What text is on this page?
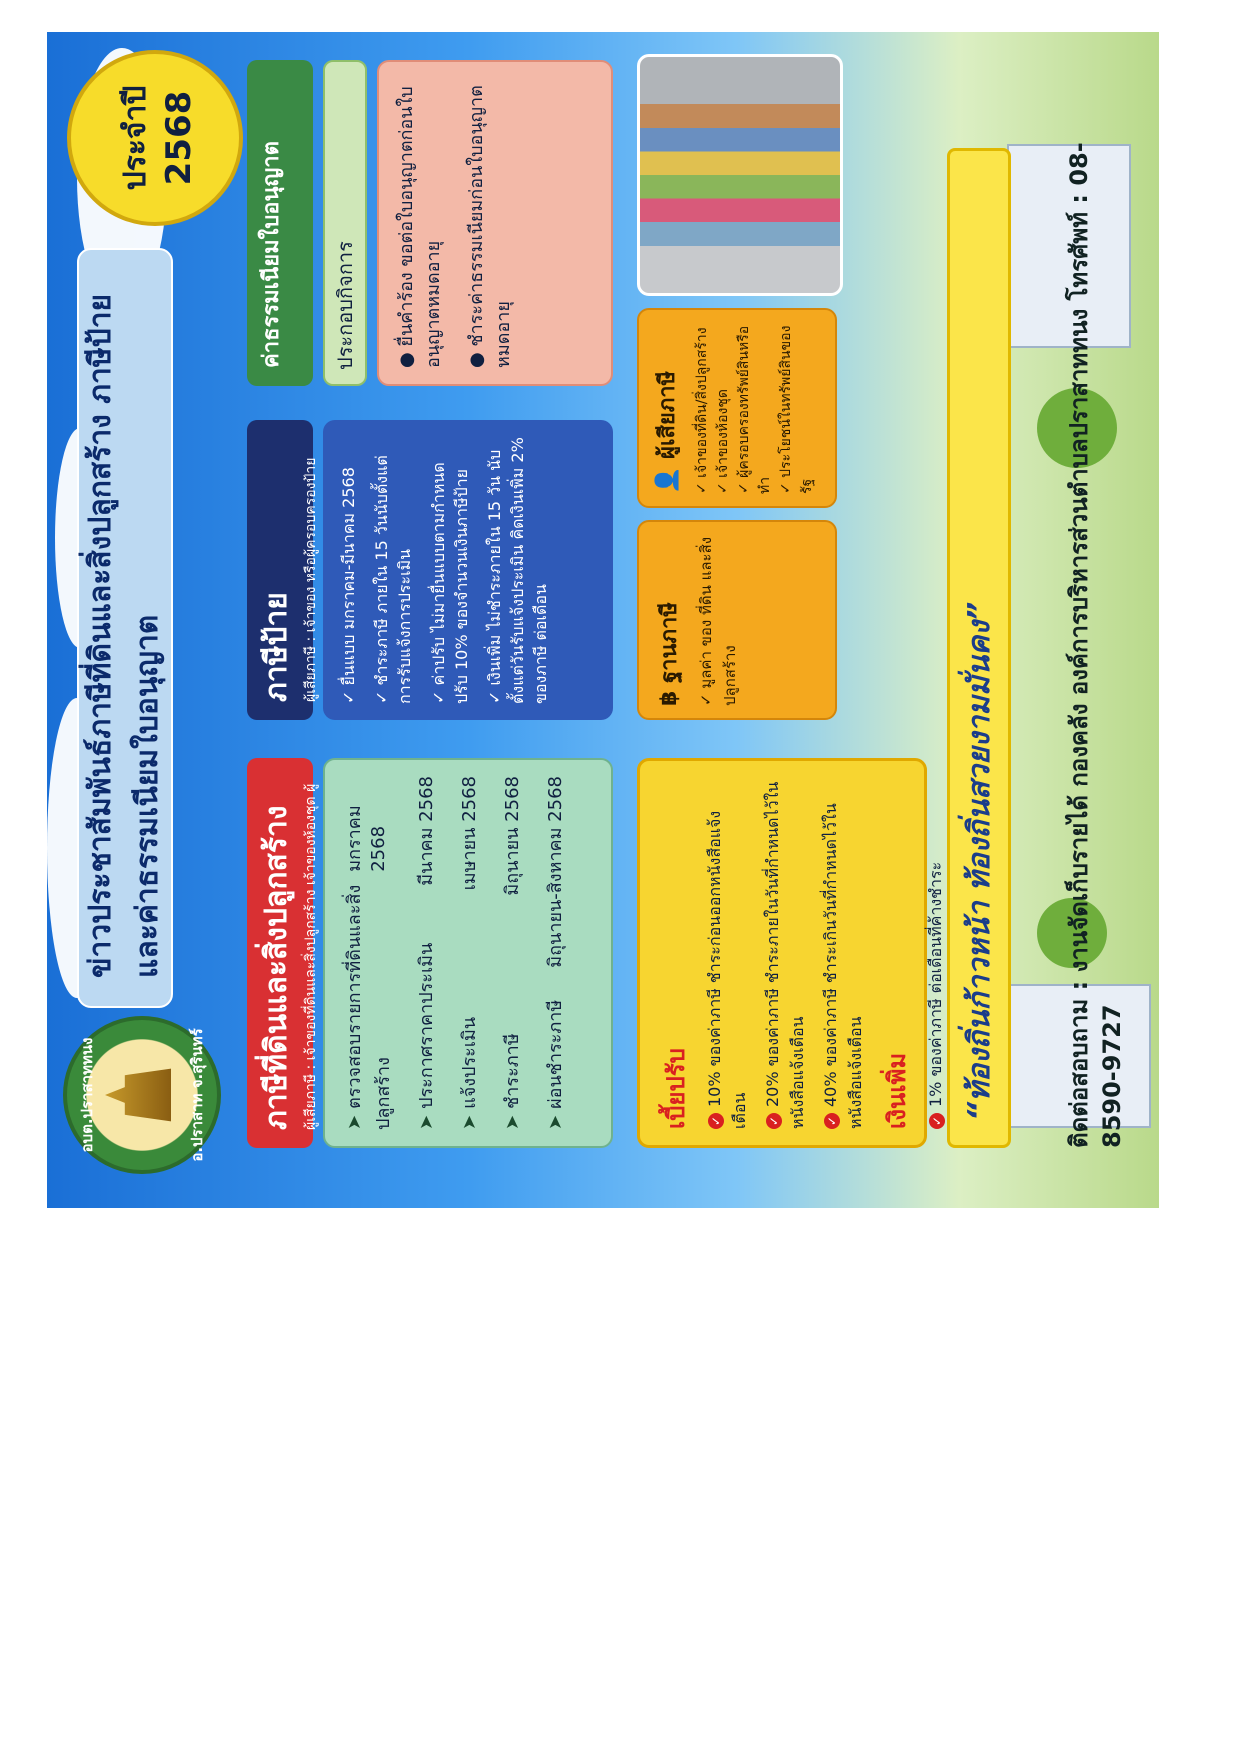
อบต.ปราสาททนง	อ.ปราสาท จ.สุรินทร์
ข่าวประชาสัมพันธ์ภาษีที่ดินและสิ่งปลูกสร้าง ภาษีป้ายและค่าธรรมเนียมใบอนุญาต
ประจำปี 2568
ภาษีที่ดินและสิ่งปลูกสร้าง ผู้เสียภาษี : เจ้าของที่ดินและสิ่งปลูกสร้าง เจ้าของห้องชุด ผู้
ภาษีป้าย ผู้เสียภาษี : เจ้าของ หรือผู้ครอบครองป้าย
ค่าธรรมเนียมใบอนุญาต
➤ตรวจสอบรายการที่ดินและสิ่งปลูกสร้าง
มกราคม 2568
➤ประกาศราคาประเมิน
มีนาคม 2568
➤แจ้งประเมิน
เมษายน 2568
➤ชำระภาษี
มิถุนายน 2568
➤ผ่อนชำระภาษี
มิถุนายน-สิงหาคม 2568

✓ ยื่นแบบ มกราคม-มีนาคม 2568

✓ ชำระภาษี ภายใน 15 วันนับตั้งแต่การรับแจ้งการประเมิน ✓ ค่าปรับ ไม่มายื่นแบบตามกำหนด ปรับ 10% ของจำนวนเงินภาษีป้าย ✓ เงินเพิ่ม ไม่ชำระภายใน 15 วัน นับตั้งแต่วันรับแจ้งประเมิน คิดเงินเพิ่ม 2% ของภาษี ต่อเดือน

ประกอบกิจการ	● ยื่นคำร้อง ขอต่อใบอนุญาตก่อนใบอนุญาตหมดอายุ ● ชำระค่าธรรมเนียมก่อนใบอนุญาตหมดอายุ

เบี้ยปรับ	✓10% ของค่าภาษี ชำระก่อนออกหนังสือแจ้งเตือน	✓20% ของค่าภาษี ชำระภายในวันที่กำหนดไว้ในหนังสือแจ้งเตือน	✓40% ของค่าภาษี ชำระเกินวันที่กำหนดไว้ในหนังสือแจ้งเตือน เงินเพิ่ม	✓1% ของค่าภาษี ต่อเดือนที่ค้างชำระ
฿ ฐานภาษี
✓ มูลค่า ของ ที่ดิน และสิ่งปลูกสร้าง
👤 ผู้เสียภาษี
✓ เจ้าของที่ดิน/สิ่งปลูกสร้าง
✓ เจ้าของห้องชุด
✓ ผู้ครอบครองทรัพย์สินหรือทำ ✓ ประโยชน์ในทรัพย์สินของรัฐ
“ท้องถิ่นก้าวหน้า ท้องถิ่นสวยงามมั่นคง”	ติดต่อสอบถาม : งานจัดเก็บรายได้ กองคลัง องค์การบริหารส่วนตำบลปราสาททนง โทรศัพท์ : 08-8590-9727
